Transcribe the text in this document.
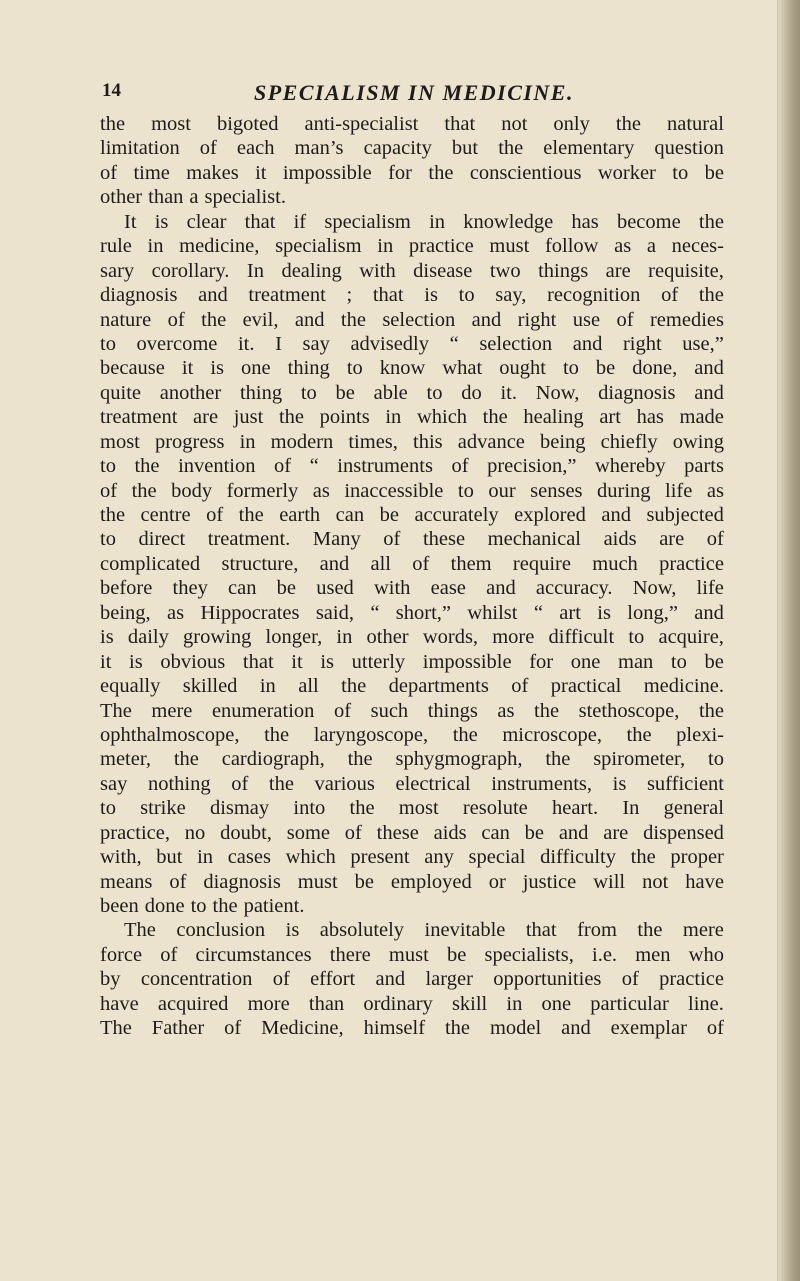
14	SPECIALISM IN MEDICINE.
the most bigoted anti-specialist that not only the natural
limitation of each man’s capacity but the elementary question
of time makes it impossible for the conscientious worker to be
other than a specialist.
It is clear that if specialism in knowledge has become the
rule in medicine, specialism in practice must follow as a neces-
sary corollary. In dealing with disease two things are requisite,
diagnosis and treatment ; that is to say, recognition of the
nature of the evil, and the selection and right use of remedies
to overcome it. I say advisedly “ selection and right use,”
because it is one thing to know what ought to be done, and
quite another thing to be able to do it. Now, diagnosis and
treatment are just the points in which the healing art has made
most progress in modern times, this advance being chiefly owing
to the invention of “ instruments of precision,” whereby parts
of the body formerly as inaccessible to our senses during life as
the centre of the earth can be accurately explored and subjected
to direct treatment. Many of these mechanical aids are of
complicated structure, and all of them require much practice
before they can be used with ease and accuracy. Now, life
being, as Hippocrates said, “ short,” whilst “ art is long,” and
is daily growing longer, in other words, more difficult to acquire,
it is obvious that it is utterly impossible for one man to be
equally skilled in all the departments of practical medicine.
The mere enumeration of such things as the stethoscope, the
ophthalmoscope, the laryngoscope, the microscope, the plexi-
meter, the cardiograph, the sphygmograph, the spirometer, to
say nothing of the various electrical instruments, is sufficient
to strike dismay into the most resolute heart. In general
practice, no doubt, some of these aids can be and are dispensed
with, but in cases which present any special difficulty the proper
means of diagnosis must be employed or justice will not have
been done to the patient.
The conclusion is absolutely inevitable that from the mere
force of circumstances there must be specialists, i.e. men who
by concentration of effort and larger opportunities of practice
have acquired more than ordinary skill in one particular line.
The Father of Medicine, himself the model and exemplar of
